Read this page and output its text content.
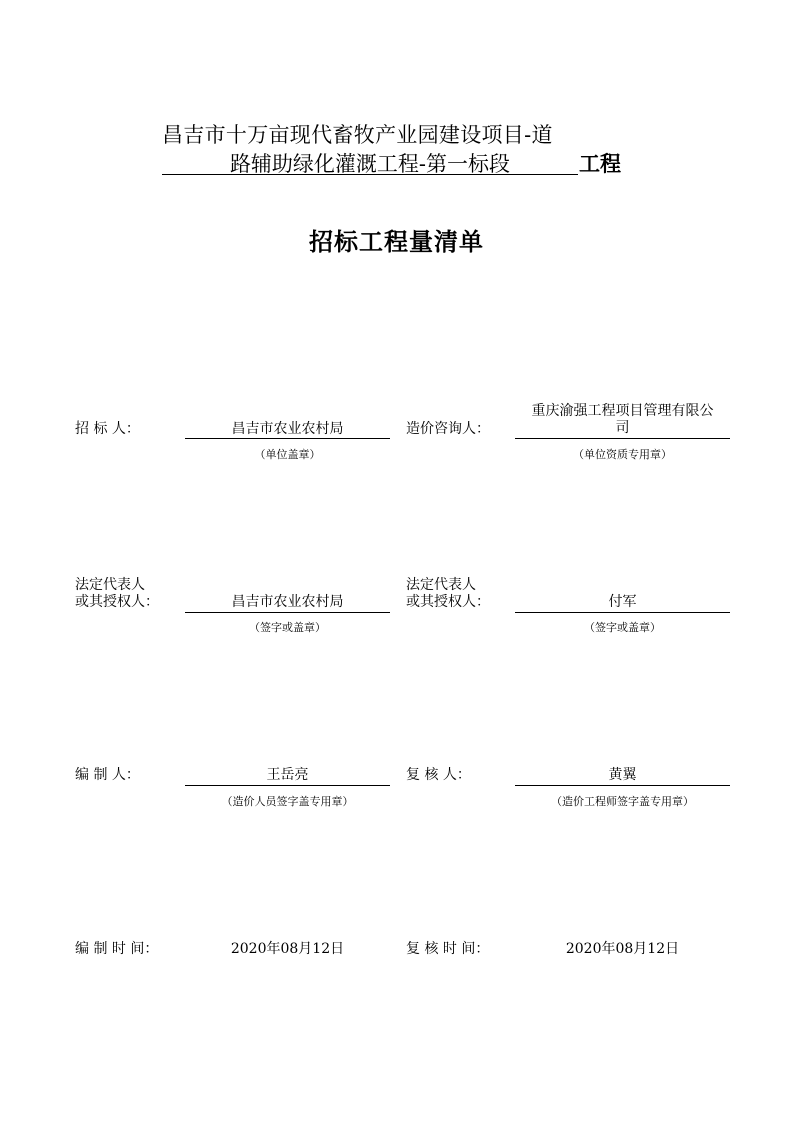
昌吉市十万亩现代畜牧产业园建设项目-道
路辅助绿化灌溉工程-第一标段	工程
招标工程量清单
招 标 人：	昌吉市农业农村局
（单位盖章）
造价咨询人：
重庆渝强工程项目管理有限公
司
（单位资质专用章）
法定代表人
或其授权人：	昌吉市农业农村局
（签字或盖章）
法定代表人
或其授权人：	付军
（签字或盖章）
编 制 人：	王岳亮
（造价人员签字盖专用章）
复 核 人：	黄翼
（造价工程师签字盖专用章）
编 制 时 间：	2020年08月12日	复 核 时 间：	2020年08月12日
